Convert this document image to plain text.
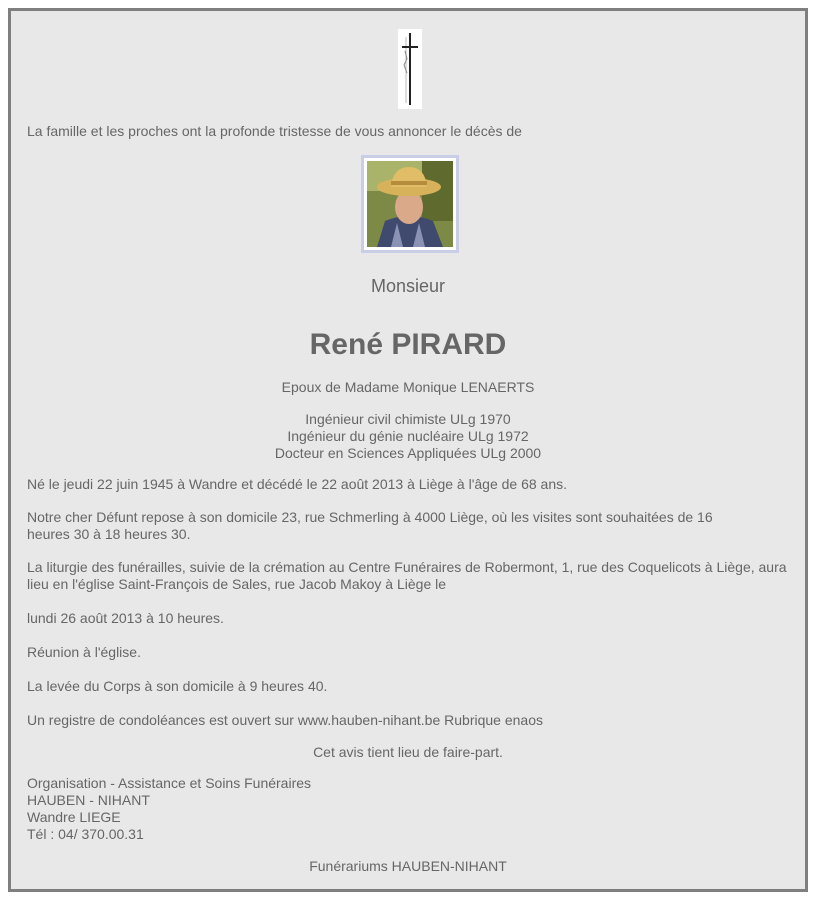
La famille et les proches ont la profonde tristesse de vous annoncer le décès de

Monsieur

René PIRARD

Epoux de Madame Monique LENAERTS

Ingénieur civil chimiste ULg 1970

Ingénieur du génie nucléaire ULg 1972

Docteur en Sciences Appliquées ULg 2000

Né le jeudi 22 juin 1945 à Wandre et décédé le 22 août 2013 à Liège à l'âge de 68 ans.

Notre cher Défunt repose à son domicile 23, rue Schmerling à 4000 Liège, où les visites sont souhaitées de 16 heures 30 à 18 heures 30.

La liturgie des funérailles, suivie de la crémation au Centre Funéraires de Robermont, 1, rue des Coquelicots à Liège, aura lieu en l'église Saint-François de Sales, rue Jacob Makoy à Liège le

lundi 26 août 2013 à 10 heures.

Réunion à l'église.

La levée du Corps à son domicile à 9 heures 40.

Un registre de condoléances est ouvert sur www.hauben-nihant.be Rubrique enaos

Cet avis tient lieu de faire-part.

Organisation - Assistance et Soins Funéraires

HAUBEN - NIHANT

Wandre LIEGE

Tél : 04/ 370.00.31

Funérariums HAUBEN-NIHANT
